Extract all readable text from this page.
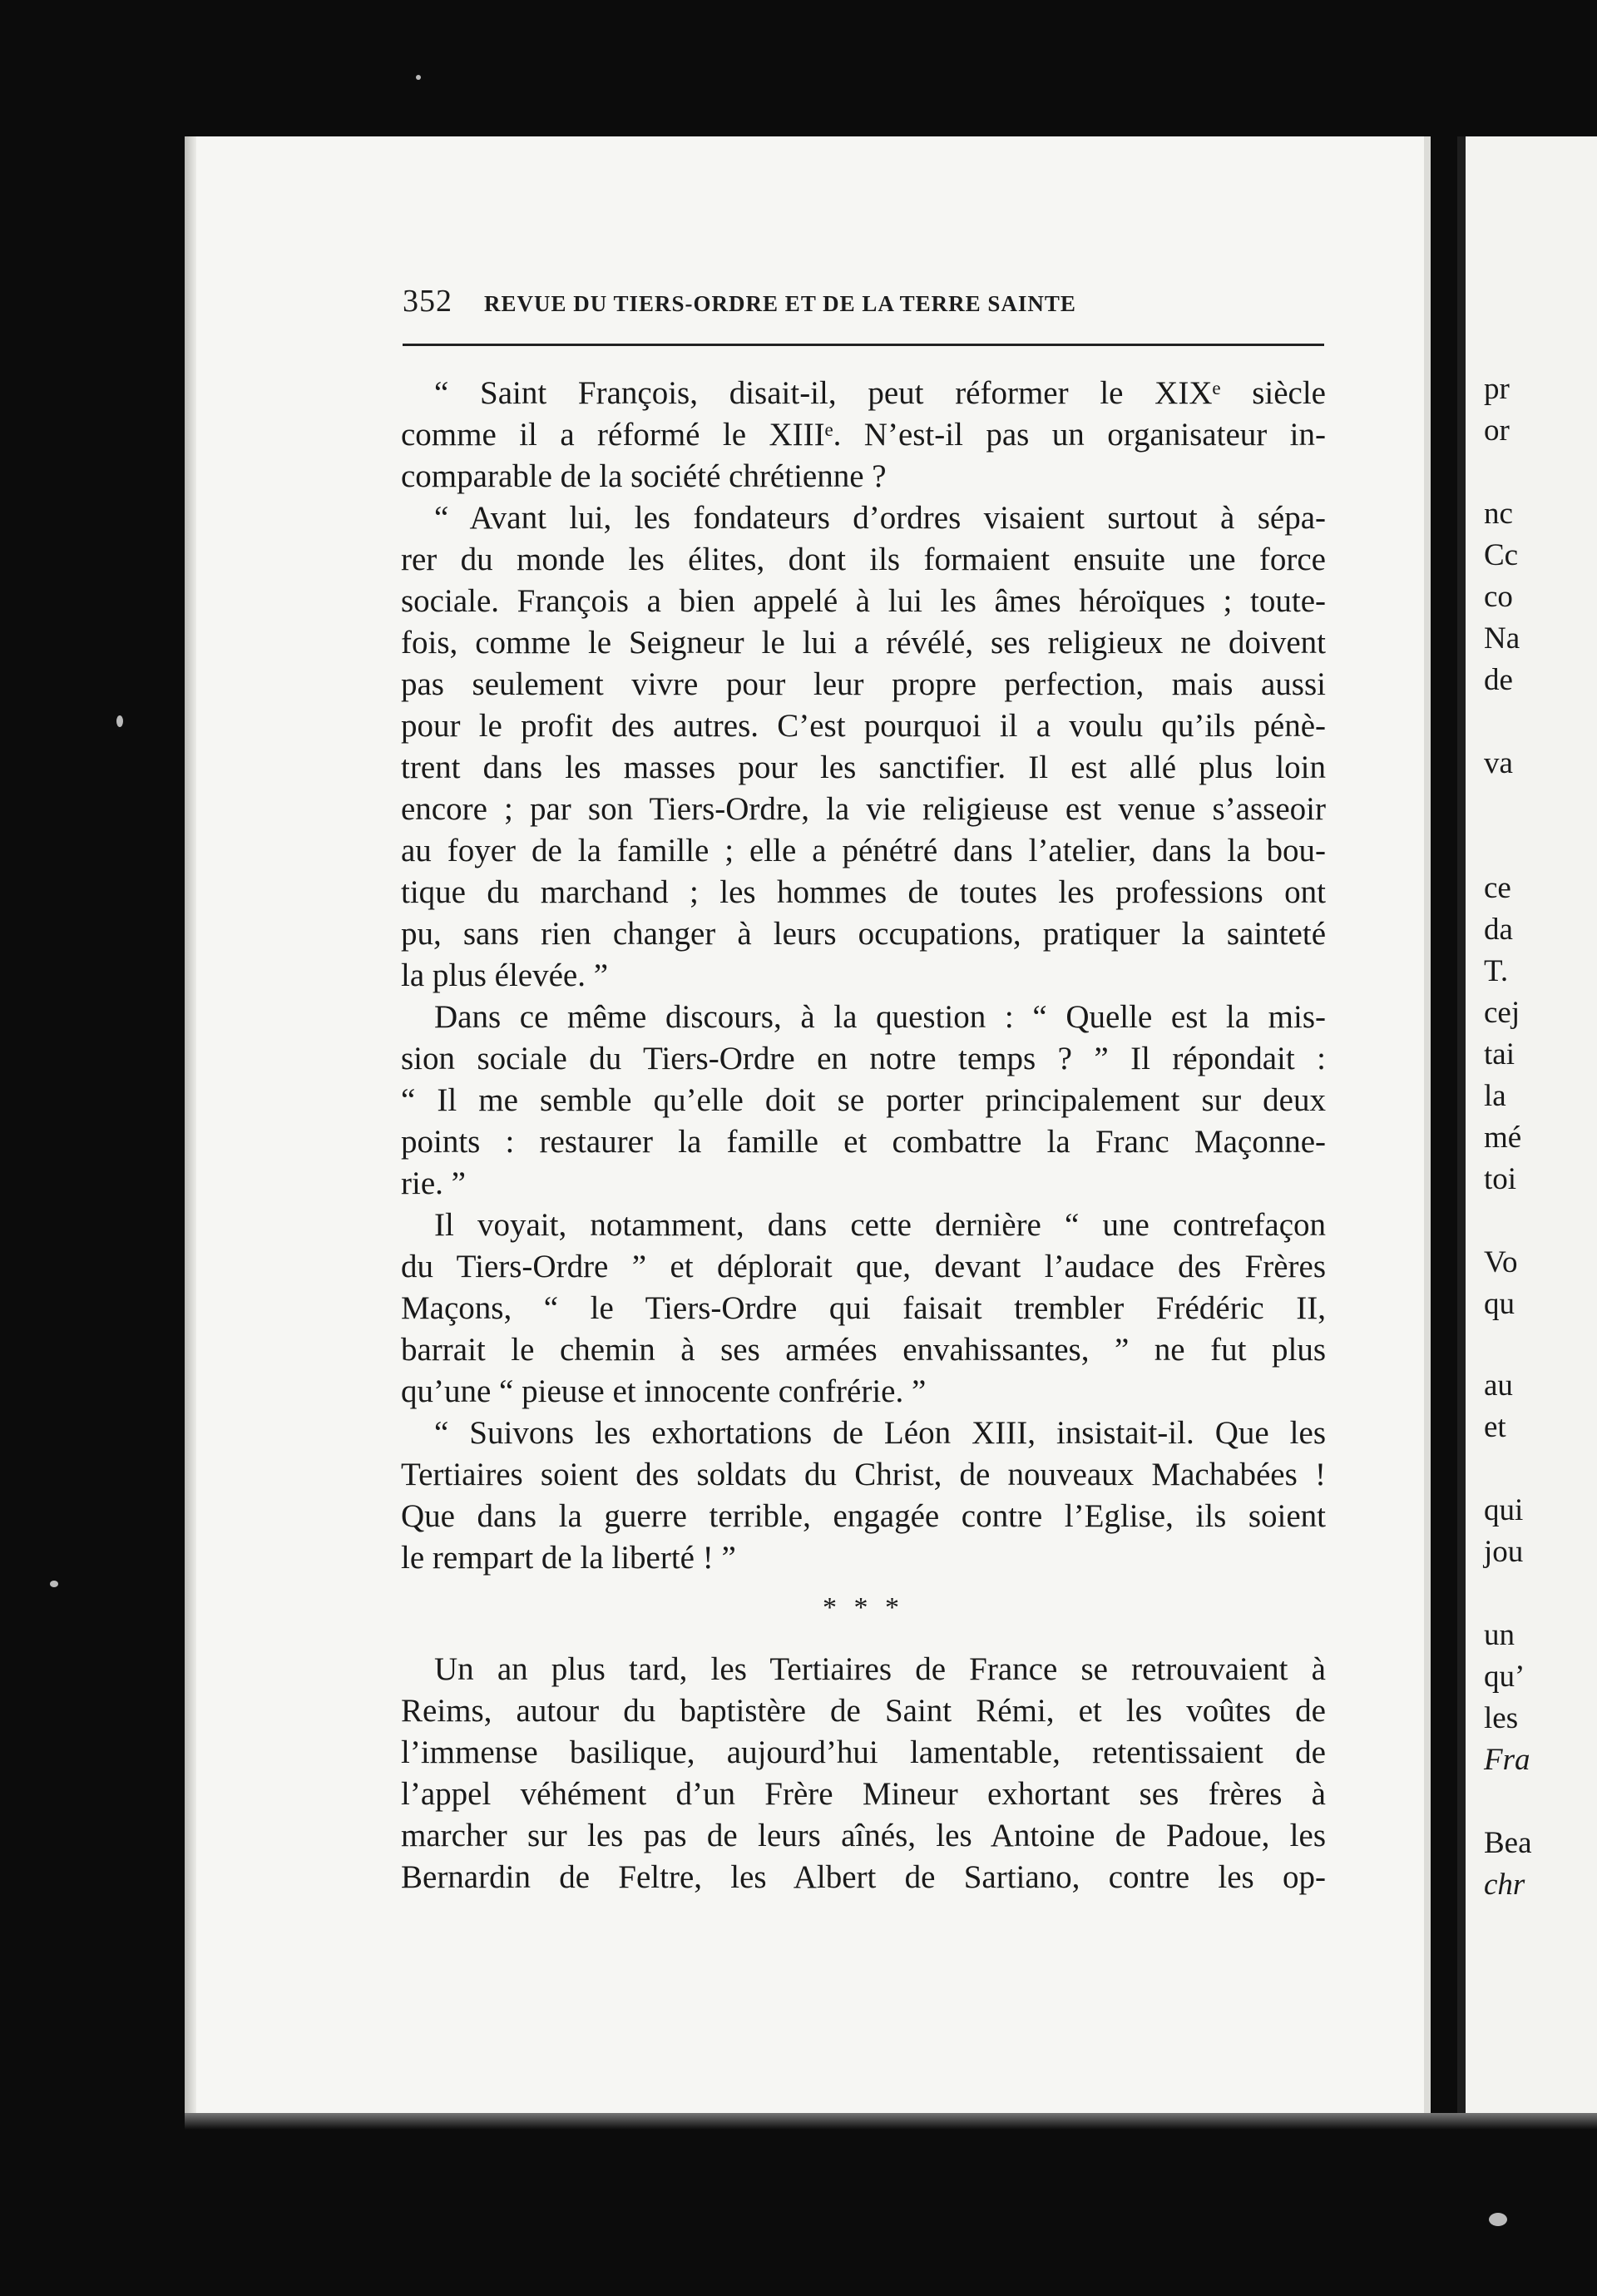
352 REVUE DU TIERS-ORDRE ET DE LA TERRE SAINTE
“ Saint François, disait-il, peut réformer le XIXᵉ siècle
comme il a réformé le XIIIᵉ. N’est-il pas un organisateur in-
comparable de la société chrétienne ?
“ Avant lui, les fondateurs d’ordres visaient surtout à sépa-
rer du monde les élites, dont ils formaient ensuite une force
sociale. François a bien appelé à lui les âmes héroïques ; toute-
fois, comme le Seigneur le lui a révélé, ses religieux ne doivent
pas seulement vivre pour leur propre perfection, mais aussi
pour le profit des autres. C’est pourquoi il a voulu qu’ils pénè-
trent dans les masses pour les sanctifier. Il est allé plus loin
encore ; par son Tiers-Ordre, la vie religieuse est venue s’asseoir
au foyer de la famille ; elle a pénétré dans l’atelier, dans la bou-
tique du marchand ; les hommes de toutes les professions ont
pu, sans rien changer à leurs occupations, pratiquer la sainteté
la plus élevée. ”
Dans ce même discours, à la question : “ Quelle est la mis-
sion sociale du Tiers-Ordre en notre temps ? ” Il répondait :
“ Il me semble qu’elle doit se porter principalement sur deux
points : restaurer la famille et combattre la Franc Maçonne-
rie. ”
Il voyait, notamment, dans cette dernière “ une contrefaçon
du Tiers-Ordre ” et déplorait que, devant l’audace des Frères
Maçons, “ le Tiers-Ordre qui faisait trembler Frédéric II,
barrait le chemin à ses armées envahissantes, ” ne fut plus
qu’une “ pieuse et innocente confrérie. ”
“ Suivons les exhortations de Léon XIII, insistait-il. Que les
Tertiaires soient des soldats du Christ, de nouveaux Machabées !
Que dans la guerre terrible, engagée contre l’Eglise, ils soient
le rempart de la liberté ! ”
* * *
Un an plus tard, les Tertiaires de France se retrouvaient à
Reims, autour du baptistère de Saint Rémi, et les voûtes de
l’immense basilique, aujourd’hui lamentable, retentissaient de
l’appel véhément d’un Frère Mineur exhortant ses frères à
marcher sur les pas de leurs aînés, les Antoine de Padoue, les
Bernardin de Feltre, les Albert de Sartiano, contre les op-
pr
or
nc
Cc
co
Na
de
va
ce
da
T.
cej
tai
la
mé
toi
Vo
qu
au
et
qui
jou
un
qu’
les
Fra
Bea
chr
